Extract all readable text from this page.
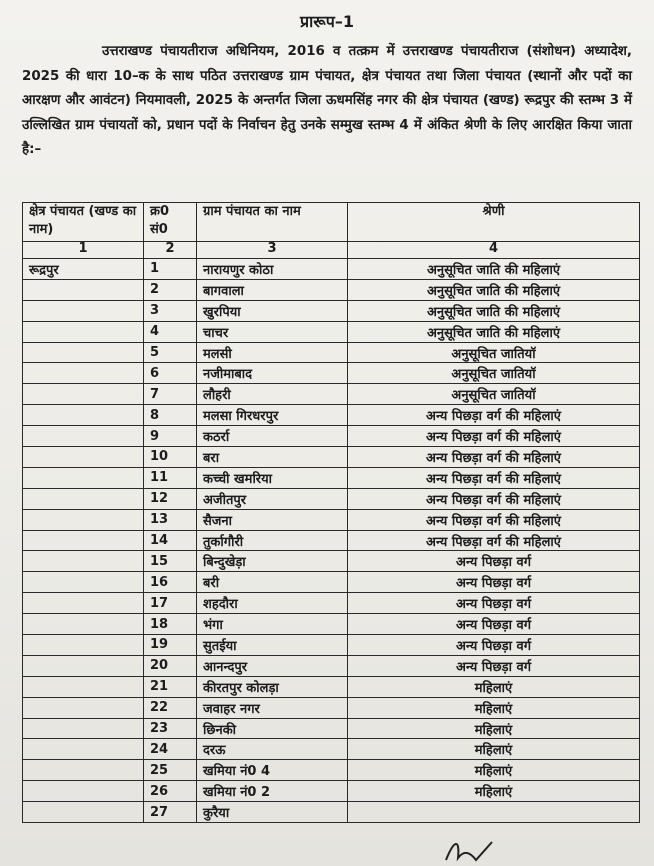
प्रारूप–1
उत्तराखण्ड पंचायतीराज अधिनियम, 2016 व तत्क्रम में उत्तराखण्ड पंचायतीराज (संशोधन) अध्यादेश, 2025 की धारा 10–क के साथ पठित उत्तराखण्ड ग्राम पंचायत, क्षेत्र पंचायत तथा जिला पंचायत (स्थानों और पदों का आरक्षण और आवंटन) नियमावली, 2025 के अन्तर्गत जिला ऊधमसिंह नगर की क्षेत्र पंचायत (खण्ड) रूद्रपुर की स्तम्भ 3 में उल्लिखित ग्राम पंचायतों को, प्रधान पदों के निर्वाचन हेतु उनके सम्मुख स्तम्भ 4 में अंकित श्रेणी के लिए आरक्षित किया जाता है:–
क्षेत्र पंचायत (खण्ड का नाम)	क्र0 सं0	ग्राम पंचायत का नाम	श्रेणी
1	2	3	4
रूद्रपुर	1	नारायणुर कोठा	अनुसूचित जाति की महिलाएं
	2	बागवाला	अनुसूचित जाति की महिलाएं
	3	खुरपिया	अनुसूचित जाति की महिलाएं
	4	चाचर	अनुसूचित जाति की महिलाएं
	5	मलसी	अनुसूचित जातियॉ
	6	नजीमाबाद	अनुसूचित जातियॉ
	7	लौहरी	अनुसूचित जातियॉ
	8	मलसा गिरधरपुर	अन्य पिछड़ा वर्ग की महिलाएं
	9	कठर्रा	अन्य पिछड़ा वर्ग की महिलाएं
	10	बरा	अन्य पिछड़ा वर्ग की महिलाएं
	11	कच्ची खमरिया	अन्य पिछड़ा वर्ग की महिलाएं
	12	अजीतपुर	अन्य पिछड़ा वर्ग की महिलाएं
	13	सैजना	अन्य पिछड़ा वर्ग की महिलाएं
	14	तुर्कागौरी	अन्य पिछड़ा वर्ग की महिलाएं
	15	बिन्दुखेड़ा	अन्य पिछड़ा वर्ग
	16	बरी	अन्य पिछड़ा वर्ग
	17	शहदौरा	अन्य पिछड़ा वर्ग
	18	भंगा	अन्य पिछड़ा वर्ग
	19	सुतईया	अन्य पिछड़ा वर्ग
	20	आनन्दपुर	अन्य पिछड़ा वर्ग
	21	कीरतपुर कोलड़ा	महिलाएं
	22	जवाहर नगर	महिलाएं
	23	छिनकी	महिलाएं
	24	दरऊ	महिलाएं
	25	खमिया नं0 4	महिलाएं
	26	खमिया नं0 2	महिलाएं
	27	कुरैया	
